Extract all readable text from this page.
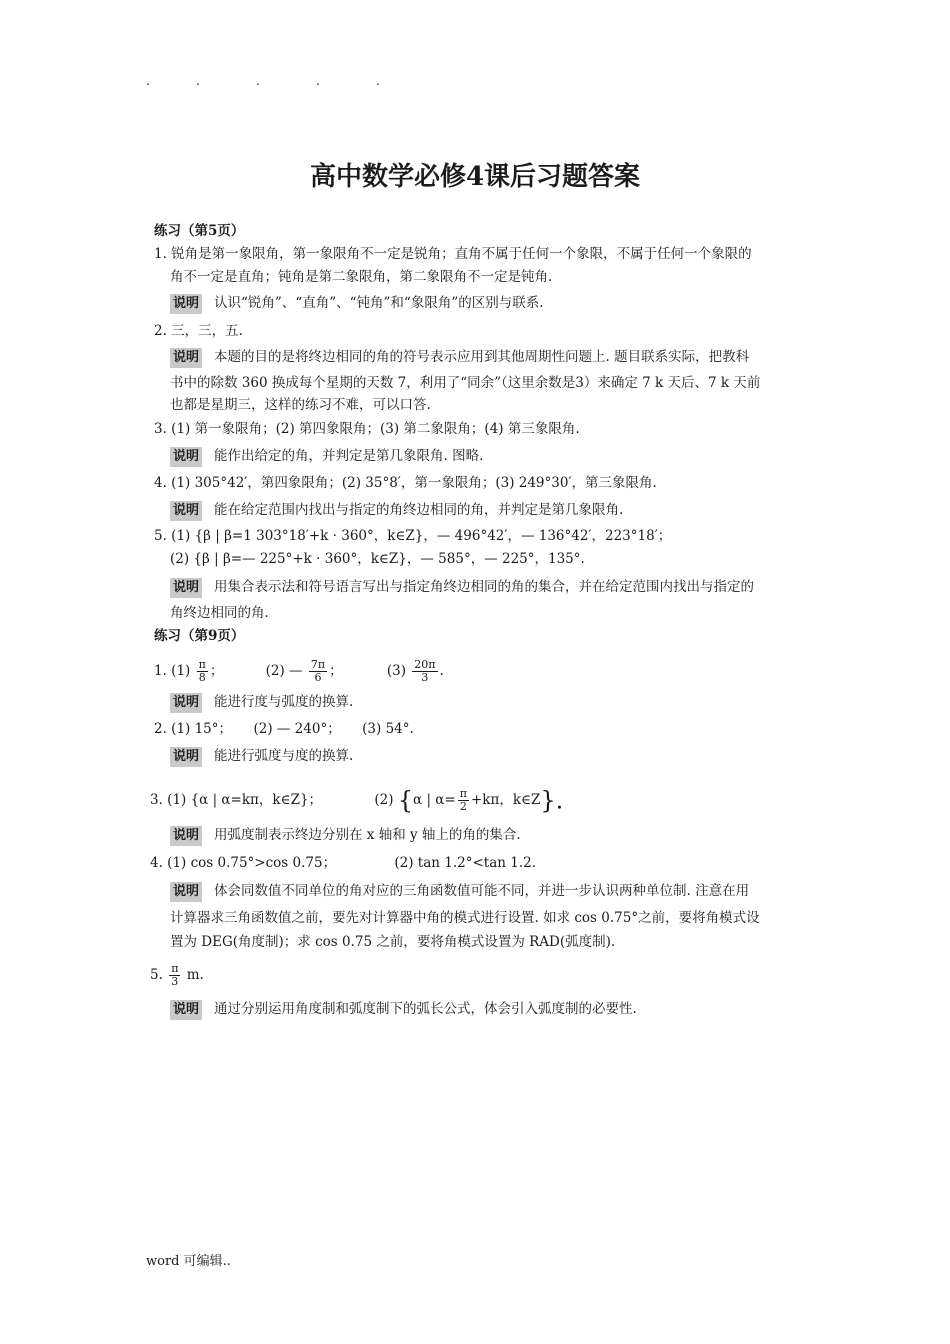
.	.	.	.	.
高中数学必修4课后习题答案
练习（第5页）
1. 锐角是第一象限角，第一象限角不一定是锐角；直角不属于任何一个象限，不属于任何一个象限的
角不一定是直角；钝角是第二象限角，第二象限角不一定是钝角.
说明 认识“锐角”、“直角”、“钝角”和“象限角”的区别与联系.
2. 三，三，五.
说明 本题的目的是将终边相同的角的符号表示应用到其他周期性问题上. 题目联系实际，把教科
书中的除数 360 换成每个星期的天数 7，利用了“同余”（这里余数是3）来确定 7 k 天后、7 k 天前
也都是星期三，这样的练习不难，可以口答.
3. (1) 第一象限角；(2) 第四象限角；(3) 第二象限角；(4) 第三象限角.
说明 能作出给定的角，并判定是第几象限角. 图略.
4. (1) 305°42′，第四象限角；(2) 35°8′，第一象限角；(3) 249°30′，第三象限角.
说明 能在给定范围内找出与指定的角终边相同的角，并判定是第几象限角.
5. (1) {β | β=1 303°18′+k · 360°，k∈Z}，— 496°42′，— 136°42′，223°18′；
(2) {β | β=— 225°+k · 360°，k∈Z}，— 585°，— 225°，135°.
说明 用集合表示法和符号语言写出与指定角终边相同的角的集合，并在给定范围内找出与指定的
角终边相同的角.
练习（第9页）
1. $(1) \frac{\pi}{8}$ ；	(2) — $\frac{7\pi}{6}$ ；	$(3) \frac{20\pi}{3}$ .
说明 能进行度与弧度的换算.
2. (1) 15°；     (2) — 240°；     (3) 54°.
说明 能进行弧度与度的换算.
3. (1) {α | α=kπ，k∈Z}；	(2) {α | $\alpha= \frac{\pi}{2} +k\pi$，k∈Z}.
说明 用弧度制表示终边分别在 x 轴和 y 轴上的角的集合.
4. (1) cos 0.75°>cos 0.75；	(2) tan 1.2°<tan 1.2.
说明 体会同数值不同单位的角对应的三角函数值可能不同，并进一步认识两种单位制. 注意在用
计算器求三角函数值之前，要先对计算器中角的模式进行设置. 如求 cos 0.75°之前，要将角模式设
置为 DEG(角度制)；求 cos 0.75 之前，要将角模式设置为 RAD(弧度制).
5. $\frac{\pi}{3} m$.
说明 通过分别运用角度制和弧度制下的弧长公式，体会引入弧度制的必要性.
word 可编辑..
